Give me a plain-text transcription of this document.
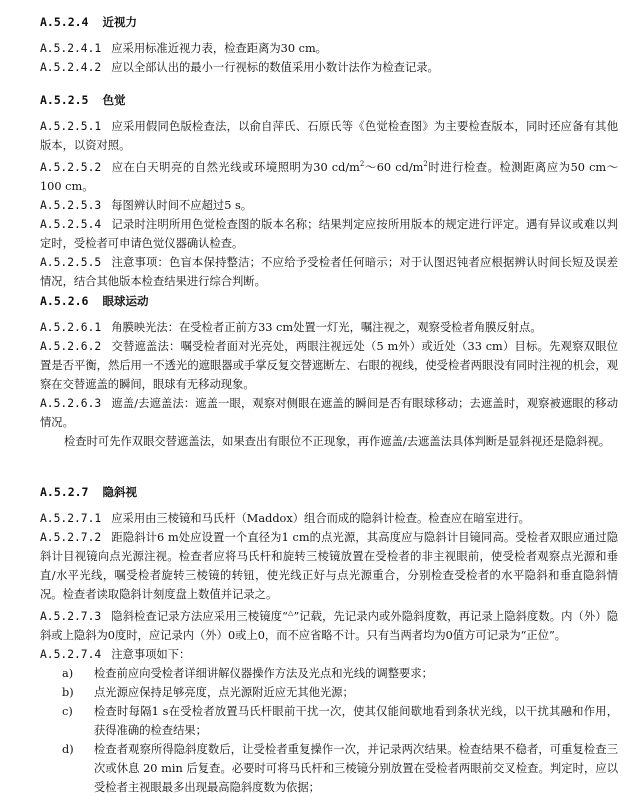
A.5.2.4 近视力

A.5.2.4.1 应采用标准近视力表，检查距离为30 cm。

A.5.2.4.2 应以全部认出的最小一行视标的数值采用小数计法作为检查记录。

A.5.2.5 色觉

A.5.2.5.1 应采用假同色版检查法，以俞自萍氏、石原氏等《色觉检查图》为主要检查版本，同时还应备有其他版本，以资对照。

A.5.2.5.2 应在白天明亮的自然光线或环境照明为30 $cd/m^2\sim 60$ $cd/m^2$时进行检查。检测距离应为50 cm～100 cm。

A.5.2.5.3 每图辨认时间不应超过5 s。

A.5.2.5.4 记录时注明所用色觉检查图的版本名称；结果判定应按所用版本的规定进行评定。遇有异议或难以判定时，受检者可申请色觉仪器确认检查。

A.5.2.5.5 注意事项：色盲本保持整洁；不应给予受检者任何暗示；对于认图迟钝者应根据辨认时间长短及误差情况，结合其他版本检查结果进行综合判断。

A.5.2.6 眼球运动

A.5.2.6.1 角膜映光法：在受检者正前方33 cm处置一灯光，嘱注视之，观察受检者角膜反射点。

A.5.2.6.2 交替遮盖法：嘱受检者面对光亮处，两眼注视远处（5 m外）或近处（33 cm）目标。先观察双眼位置是否平衡，然后用一不透光的遮眼器或手掌反复交替遮断左、右眼的视线，使受检者两眼没有同时注视的机会，观察在交替遮盖的瞬间，眼球有无移动现象。

A.5.2.6.3 遮盖/去遮盖法：遮盖一眼，观察对侧眼在遮盖的瞬间是否有眼球移动；去遮盖时，观察被遮眼的移动情况。

检查时可先作双眼交替遮盖法，如果查出有眼位不正现象，再作遮盖/去遮盖法具体判断是显斜视还是隐斜视。

A.5.2.7 隐斜视

A.5.2.7.1 应采用由三棱镜和马氏杆（Maddox）组合而成的隐斜计检查。检查应在暗室进行。

A.5.2.7.2 距隐斜计6 m处应设置一个直径为1 cm的点光源，其高度应与隐斜计目镜同高。受检者双眼应通过隐斜计目视镜向点光源注视。检查者应将马氏杆和旋转三棱镜放置在受检者的非主视眼前，使受检者观察点光源和垂直/水平光线，嘱受检者旋转三棱镜的转钮，使光线正好与点光源重合，分别检查受检者的水平隐斜和垂直隐斜情况。检查者读取隐斜计刻度盘上数值并记录之。

A.5.2.7.3 隐斜检查记录方法应采用三棱镜度“△”记载，先记录内或外隐斜度数，再记录上隐斜度数。内（外）隐斜或上隐斜为0度时，应记录内（外）0或上0，而不应省略不计。只有当两者均为0值方可记录为“正位”。

A.5.2.7.4 注意事项如下：

a)	检查前应向受检者详细讲解仪器操作方法及光点和光线的调整要求；
b)	点光源应保持足够亮度，点光源附近应无其他光源；
c)	检查时每隔1 s在受检者放置马氏杆眼前干扰一次，使其仅能间歇地看到条状光线，以干扰其融和作用，获得准确的检查结果；
d)	检查者观察所得隐斜度数后，让受检者重复操作一次，并记录两次结果。检查结果不稳者，可重复检查三次或休息 20 min 后复查。必要时可将马氏杆和三棱镜分别放置在受检者两眼前交叉检查。判定时，应以受检者主视眼最多出现最高隐斜度数为依据；
